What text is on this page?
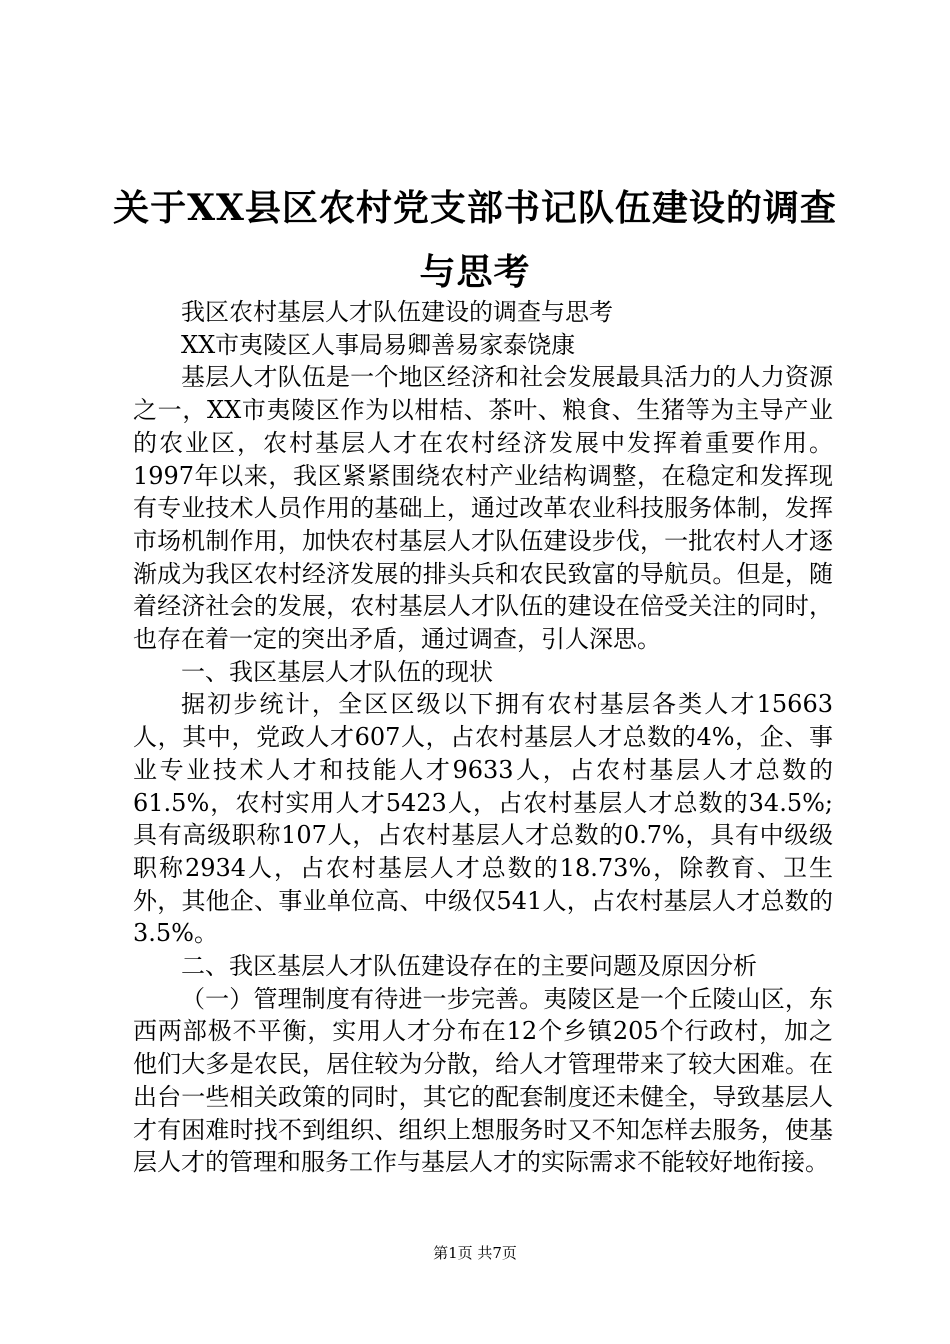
关于XX县区农村党支部书记队伍建设的调查
与思考

我区农村基层人才队伍建设的调查与思考

XX市夷陵区人事局易卿善易家泰饶康

基层人才队伍是一个地区经济和社会发展最具活力的人力资源之一，XX市夷陵区作为以柑桔、茶叶、粮食、生猪等为主导产业的农业区，农村基层人才在农村经济发展中发挥着重要作用。1997年以来，我区紧紧围绕农村产业结构调整，在稳定和发挥现有专业技术人员作用的基础上，通过改革农业科技服务体制，发挥市场机制作用，加快农村基层人才队伍建设步伐，一批农村人才逐渐成为我区农村经济发展的排头兵和农民致富的导航员。但是，随着经济社会的发展，农村基层人才队伍的建设在倍受关注的同时，也存在着一定的突出矛盾，通过调查，引人深思。

一、我区基层人才队伍的现状

据初步统计，全区区级以下拥有农村基层各类人才15663人，其中，党政人才607人，占农村基层人才总数的4%，企、事业专业技术人才和技能人才9633人，占农村基层人才总数的61.5%，农村实用人才5423人，占农村基层人才总数的34.5%;具有高级职称107人，占农村基层人才总数的0.7%，具有中级级职称2934人，占农村基层人才总数的18.73%，除教育、卫生外，其他企、事业单位高、中级仅541人，占农村基层人才总数的3.5%。

二、我区基层人才队伍建设存在的主要问题及原因分析

（一）管理制度有待进一步完善。夷陵区是一个丘陵山区，东西两部极不平衡，实用人才分布在12个乡镇205个行政村，加之他们大多是农民，居住较为分散，给人才管理带来了较大困难。在出台一些相关政策的同时，其它的配套制度还未健全，导致基层人才有困难时找不到组织、组织上想服务时又不知怎样去服务，使基层人才的管理和服务工作与基层人才的实际需求不能较好地衔接。

第1页 共7页
